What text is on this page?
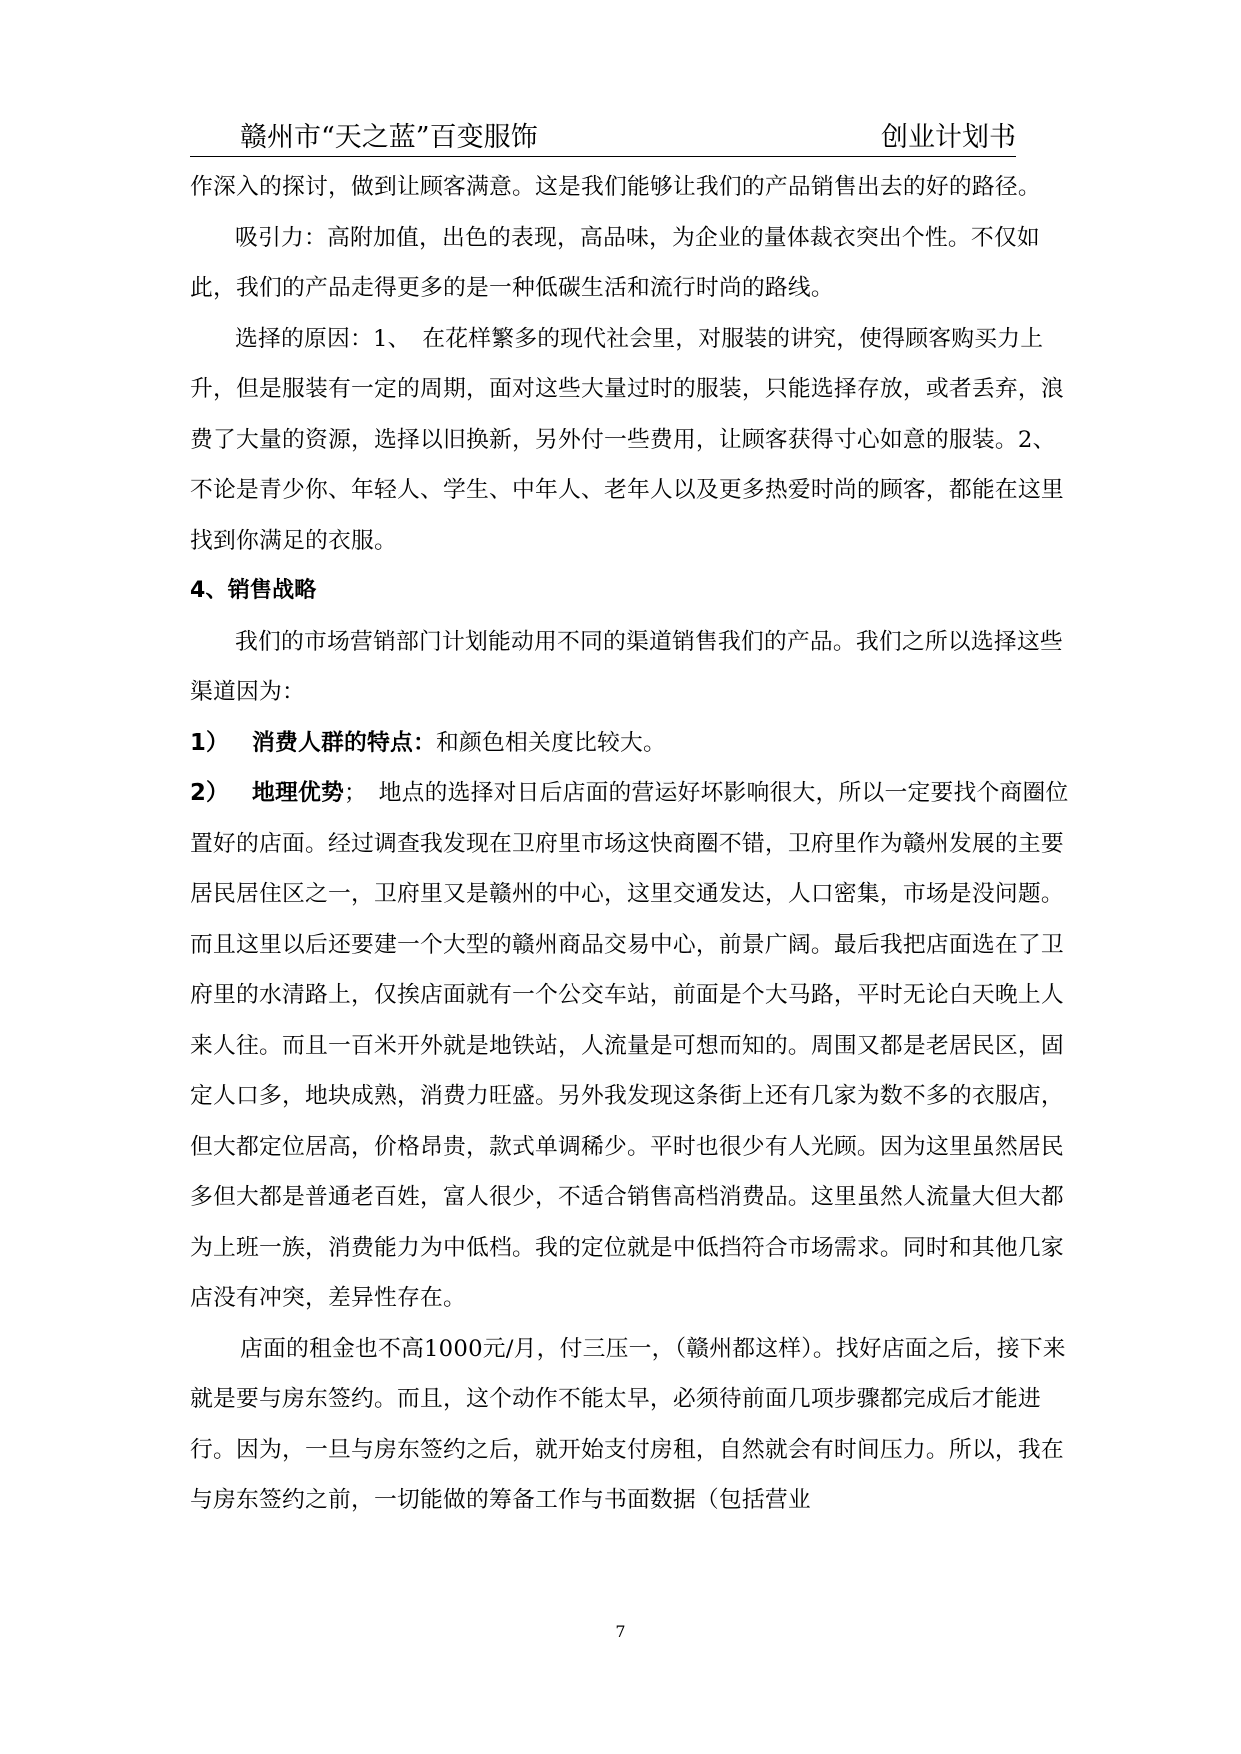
赣州市“天之蓝”百变服饰	创业计划书

作深入的探讨，做到让顾客满意。这是我们能够让我们的产品销售出去的好的路径。

吸引力：高附加值，出色的表现，高品味，为企业的量体裁衣突出个性。不仅如此，我们的产品走得更多的是一种低碳生活和流行时尚的路线。

选择的原因：1、　在花样繁多的现代社会里，对服装的讲究，使得顾客购买力上升，但是服装有一定的周期，面对这些大量过时的服装，只能选择存放，或者丢弃，浪费了大量的资源，选择以旧换新，另外付一些费用，让顾客获得寸心如意的服装。2、不论是青少你、年轻人、学生、中年人、老年人以及更多热爱时尚的顾客，都能在这里找到你满足的衣服。

4、销售战略

我们的市场营销部门计划能动用不同的渠道销售我们的产品。我们之所以选择这些渠道因为：

1） 消费人群的特点：和颜色相关度比较大。

2） 地理优势；　地点的选择对日后店面的营运好坏影响很大，所以一定要找个商圈位置好的店面。经过调查我发现在卫府里市场这快商圈不错，卫府里作为赣州发展的主要居民居住区之一，卫府里又是赣州的中心，这里交通发达，人口密集，市场是没问题。而且这里以后还要建一个大型的赣州商品交易中心，前景广阔。最后我把店面选在了卫府里的水清路上，仅挨店面就有一个公交车站，前面是个大马路，平时无论白天晚上人来人往。而且一百米开外就是地铁站，人流量是可想而知的。周围又都是老居民区，固定人口多，地块成熟，消费力旺盛。另外我发现这条街上还有几家为数不多的衣服店，但大都定位居高，价格昂贵，款式单调稀少。平时也很少有人光顾。因为这里虽然居民多但大都是普通老百姓，富人很少，不适合销售高档消费品。这里虽然人流量大但大都为上班一族，消费能力为中低档。我的定位就是中低挡符合市场需求。同时和其他几家店没有冲突，差异性存在。

店面的租金也不高1000元/月，付三压一，（赣州都这样）。找好店面之后，接下来就是要与房东签约。而且，这个动作不能太早，必须待前面几项步骤都完成后才能进行。因为，一旦与房东签约之后，就开始支付房租，自然就会有时间压力。所以，我在与房东签约之前，一切能做的筹备工作与书面数据（包括营业

7
